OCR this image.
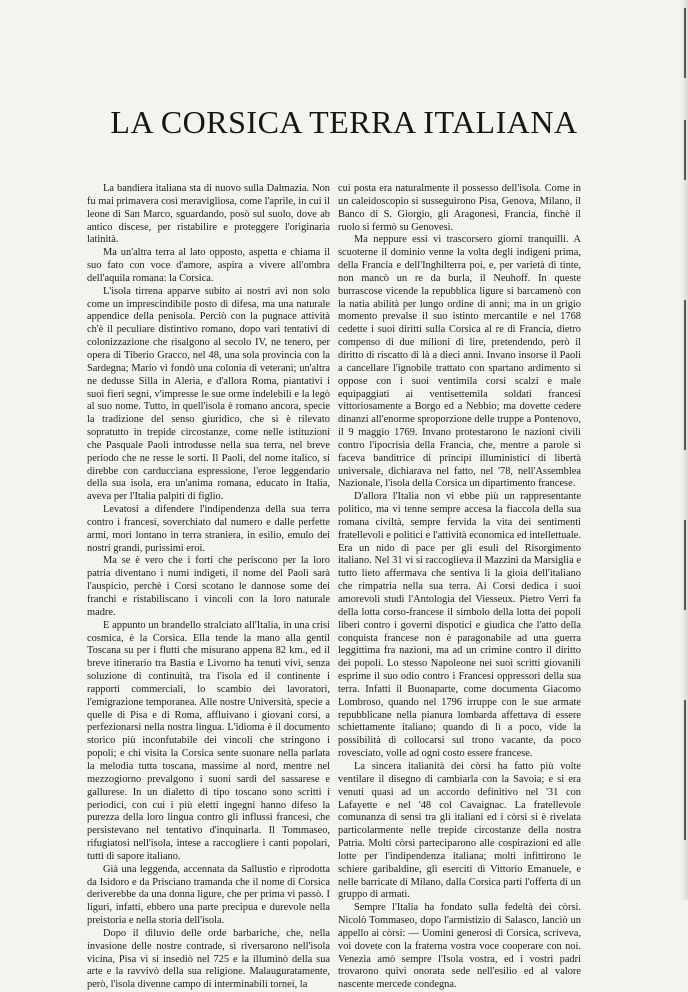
LA CORSICA TERRA ITALIANA

La bandiera italiana sta di nuovo sulla Dalmazia. Non fu mai primavera così meravigliosa, come l'aprile, in cui il leone di San Marco, sguardando, posò sul suolo, dove ab antico discese, per ristabilire e proteggere l'originaria latinità.

Ma un'altra terra al lato opposto, aspetta e chiama il suo fato con voce d'amore, aspira a vivere all'ombra dell'aquila romana: la Corsica.

L'isola tirrena apparve subito ai nostri avi non solo come un imprescindibile posto di difesa, ma una naturale appendice della penisola. Perciò con la pugnace attività ch'è il peculiare distintivo romano, dopo vari tentativi di colonizzazione che risalgono al secolo IV, ne tenero, per opera di Tiberio Gracco, nel 48, una sola provincia con la Sardegna; Mario vi fondò una colonia di veterani; un'altra ne dedusse Silla in Aleria, e d'allora Roma, piantativi i suoi fieri segni, v'impresse le sue orme indelebili e la legò al suo nome. Tutto, in quell'isola è romano ancora, specie la tradizione del senso giuridico, che si è rilevato sopratutto in trepide circostanze, come nelle istituzioni che Pasquale Paoli introdusse nella sua terra, nel breve periodo che ne resse le sorti. Il Paoli, del nome italico, si direbbe con carducciana espressione, l'eroe leggendario della sua isola, era un'anima romana, educato in Italia, aveva per l'Italia palpiti di figlio.

Levatosi a difendere l'indipendenza della sua terra contro i francesi, soverchiato dal numero e dalle perfette armi, morì lontano in terra straniera, in esilio, emulo dei nostri grandi, purissimi eroi.

Ma se è vero che i forti che periscono per la loro patria diventano i numi indigeti, il nome del Paoli sarà l'auspicio, perchè i Corsi scotano le dannose some dei franchi e ristabiliscano i vincoli con la loro naturale madre.

E appunto un brandello stralciato all'Italia, in una crisi cosmica, è la Corsica. Ella tende la mano alla gentil Toscana su per i flutti che misurano appena 82 km., ed il breve itinerario tra Bastia e Livorno ha tenuti vivi, senza soluzione di continuità, tra l'isola ed il continente i rapporti commerciali, lo scambio dei lavoratori, l'emigrazione temporanea. Alle nostre Università, specie a quelle di Pisa e di Roma, affluivano i giovani corsi, a perfezionarsi nella nostra lingua. L'idioma è il documento storico più inconfutabile dei vincoli che stringono i popoli; e chi visita la Corsica sente suonare nella parlata la melodia tutta toscana, massime al nord, mentre nel mezzogiorno prevalgono i suoni sardi del sassarese e gallurese. In un dialetto di tipo toscano sono scritti i periodici, con cui i più eletti ingegni hanno difeso la purezza della loro lingua contro gli influssi francesi, che persistevano nel tentativo d'inquinarla. Il Tommaseo, rifugiatosi nell'isola, intese a raccogliere i canti popolari, tutti di sapore italiano.

Già una leggenda, accennata da Sallustio e riprodotta da Isidoro e da Prisciano tramanda che il nome di Corsica deriverebbe da una donna ligure, che per prima vi passò. I liguri, infatti, ebbero una parte precipua e durevole nella preistoria e nella storia dell'isola.

Dopo il diluvio delle orde barbariche, che, nella invasione delle nostre contrade, si riversarono nell'isola vicina, Pisa vi si insediò nel 725 e la illuminò della sua arte e la ravvivò della sua religione. Malauguratamente, però, l'isola divenne campo di interminabili tornei, la

cui posta era naturalmente il possesso dell'isola. Come in un caleidoscopio si susseguirono Pisa, Genova, Milano, il Banco di S. Giorgio, gli Aragonesi, Francia, finchè il ruolo si fermò su Genovesi.

Ma neppure essi vi trascorsero giorni tranquilli. A scuoterne il dominio venne la volta degli indigeni prima, della Francia e dell'Inghilterra poi, e, per varietà di tinte, non mancò un re da burla, il Neuhoff. In queste burrascose vicende la repubblica ligure si barcamenò con la natia abilità per lungo ordine di anni; ma in un grigio momento prevalse il suo istinto mercantile e nel 1768 cedette i suoi diritti sulla Corsica al re di Francia, dietro compenso di due milioni di lire, pretendendo, però il diritto di riscatto di là a dieci anni. Invano insorse il Paoli a cancellare l'ignobile trattato con spartano ardimento si oppose con i suoi ventimila corsi scalzi e male equipaggiati ai ventisettemila soldati francesi vittoriosamente a Borgo ed a Nebbio; ma dovette cedere dinanzi all'enorme sproporzione delle truppe a Pontenovo, il 9 maggio 1769. Invano protestarono le nazioni civili contro l'ipocrisia della Francia, che, mentre a parole si faceva banditrice di principi illuministici di libertà universale, dichiarava nel fatto, nel '78, nell'Assemblea Nazionale, l'isola della Corsica un dipartimento francese.

D'allora l'Italia non vi ebbe più un rappresentante politico, ma vi tenne sempre accesa la fiaccola della sua romana civiltà, sempre fervida la vita dei sentimenti fratellevoli e politici e l'attività economica ed intellettuale. Era un nido di pace per gli esuli del Risorgimento italiano. Nel 31 vi si raccoglieva il Mazzini da Marsiglia e tutto lieto affermava che sentiva li la gioia dell'italiano che rimpatria nella sua terra. Ai Corsi dedica i suoi amorevoli studi l'Antologia del Viesseux. Pietro Verri fa della lotta corso-francese il simbolo della lotta dei popoli liberi contro i governi dispotici e giudica che l'atto della conquista francese non è paragonabile ad una guerra leggittima fra nazioni, ma ad un crimine contro il diritto dei popoli. Lo stesso Napoleone nei suoi scritti giovanili esprime il suo odio contro i Francesi oppressori della sua terra. Infatti il Buonaparte, come documenta Giacomo Lombroso, quando nel 1796 irruppe con le sue armate repubblicane nella pianura lombarda affettava di essere schiettamente italiano; quando di lì a poco, vide la possibilità di collocarsi sul trono vacante, da poco rovesciato, volle ad ogni costo essere francese.

La sincera italianità dei còrsi ha fatto più volte ventilare il disegno di cambiarla con la Savoia; e si era venuti quasi ad un accordo definitivo nel '31 con Lafayette e nel '48 col Cavaignac. La fratellevole comunanza di sensi tra gli italiani ed i còrsi si è rivelata particolarmente nelle trepide circostanze della nostra Patria. Molti còrsi parteciparono alle cospirazioni ed alle lotte per l'indipendenza italiana; molti infittirono le schiere garibaldine, gli eserciti di Vittorio Emanuele, e nelle barricate di Milano, dalla Corsica partì l'offerta di un gruppo di armati.

Sempre l'Italia ha fondato sulla fedeltà dei còrsi. Nicolò Tommaseo, dopo l'armistizio di Salasco, lanciò un appello ai còrsi: — Uomini generosi di Corsica, scriveva, voi dovete con la fraterna vostra voce cooperare con noi. Venezia amò sempre l'Isola vostra, ed i vostri padri trovarono quivi onorata sede nell'esilio ed al valore nascente mercede condegna.
